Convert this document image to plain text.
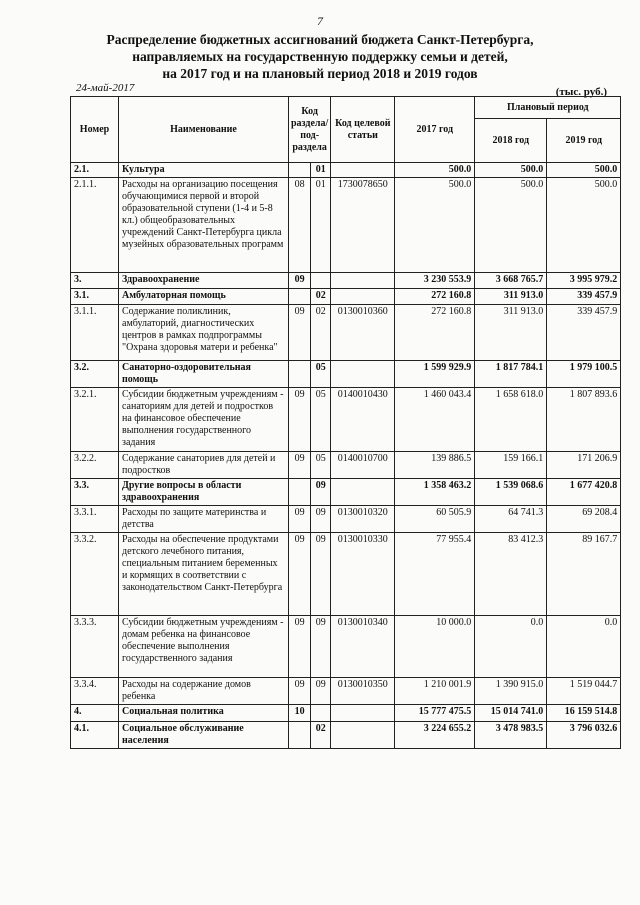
7
Распределение бюджетных ассигнований бюджета Санкт-Петербурга,
направляемых на государственную поддержку семьи и детей,
на 2017 год и на плановый период 2018 и 2019 годов
24-май-2017	(тыс. руб.)
Номер	Наименование	Код раздела/ под-раздела		Код целевой статьи	2017 год	Плановый период	
						2018 год	2019 год
2.1.	Культура		01		500.0	500.0	500.0
2.1.1.	Расходы на организацию посещения обучающимися первой и второй образовательной ступени (1-4 и 5-8 кл.) общеобразовательных учреждений Санкт-Петербурга цикла музейных образовательных программ	08	01	1730078650	500.0	500.0	500.0
3.	Здравоохранение	09			3 230 553.9	3 668 765.7	3 995 979.2
3.1.	Амбулаторная помощь		02		272 160.8	311 913.0	339 457.9
3.1.1.	Содержание поликлиник, амбулаторий, диагностических центров в рамках подпрограммы "Охрана здоровья матери и ребенка"	09	02	0130010360	272 160.8	311 913.0	339 457.9
3.2.	Санаторно-оздоровительная помощь		05		1 599 929.9	1 817 784.1	1 979 100.5
3.2.1.	Субсидии бюджетным учреждениям - санаториям для детей и подростков на финансовое обеспечение выполнения государственного задания	09	05	0140010430	1 460 043.4	1 658 618.0	1 807 893.6
3.2.2.	Содержание санаториев для детей и подростков	09	05	0140010700	139 886.5	159 166.1	171 206.9
3.3.	Другие вопросы в области здравоохранения		09		1 358 463.2	1 539 068.6	1 677 420.8
3.3.1.	Расходы по защите материнства и детства	09	09	0130010320	60 505.9	64 741.3	69 208.4
3.3.2.	Расходы на обеспечение продуктами детского лечебного питания, специальным питанием беременных и кормящих в соответствии с законодательством Санкт-Петербурга	09	09	0130010330	77 955.4	83 412.3	89 167.7
3.3.3.	Субсидии бюджетным учреждениям - домам ребенка на финансовое обеспечение выполнения государственного задания	09	09	0130010340	10 000.0	0.0	0.0
3.3.4.	Расходы на содержание домов ребенка	09	09	0130010350	1 210 001.9	1 390 915.0	1 519 044.7
4.	Социальная политика	10			15 777 475.5	15 014 741.0	16 159 514.8
4.1.	Социальное обслуживание населения		02		3 224 655.2	3 478 983.5	3 796 032.6
